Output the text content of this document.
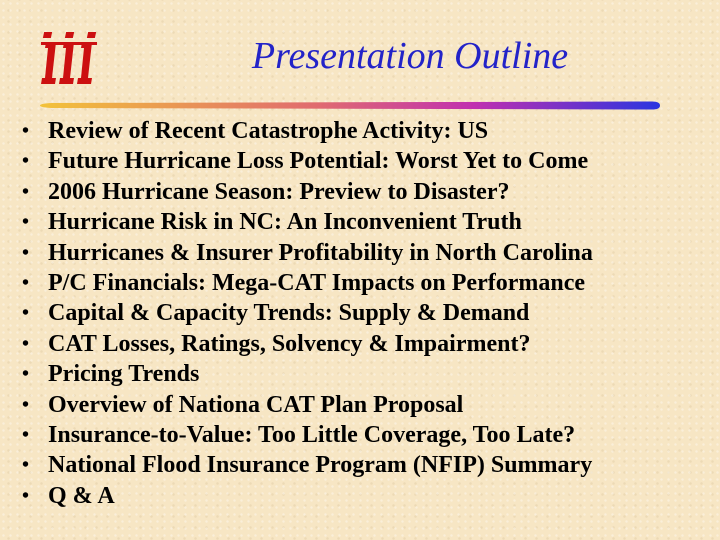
Presentation Outline
• Review of Recent Catastrophe Activity: US
• Future Hurricane Loss Potential: Worst Yet to Come
• 2006 Hurricane Season: Preview to Disaster?
• Hurricane Risk in NC: An Inconvenient Truth
• Hurricanes & Insurer Profitability in North Carolina
• P/C Financials: Mega-CAT Impacts on Performance
• Capital & Capacity Trends: Supply & Demand
• CAT Losses, Ratings, Solvency & Impairment?
• Pricing Trends
• Overview of Nationa CAT Plan Proposal
• Insurance-to-Value: Too Little Coverage, Too Late?
• National Flood Insurance Program (NFIP) Summary
• Q & A
